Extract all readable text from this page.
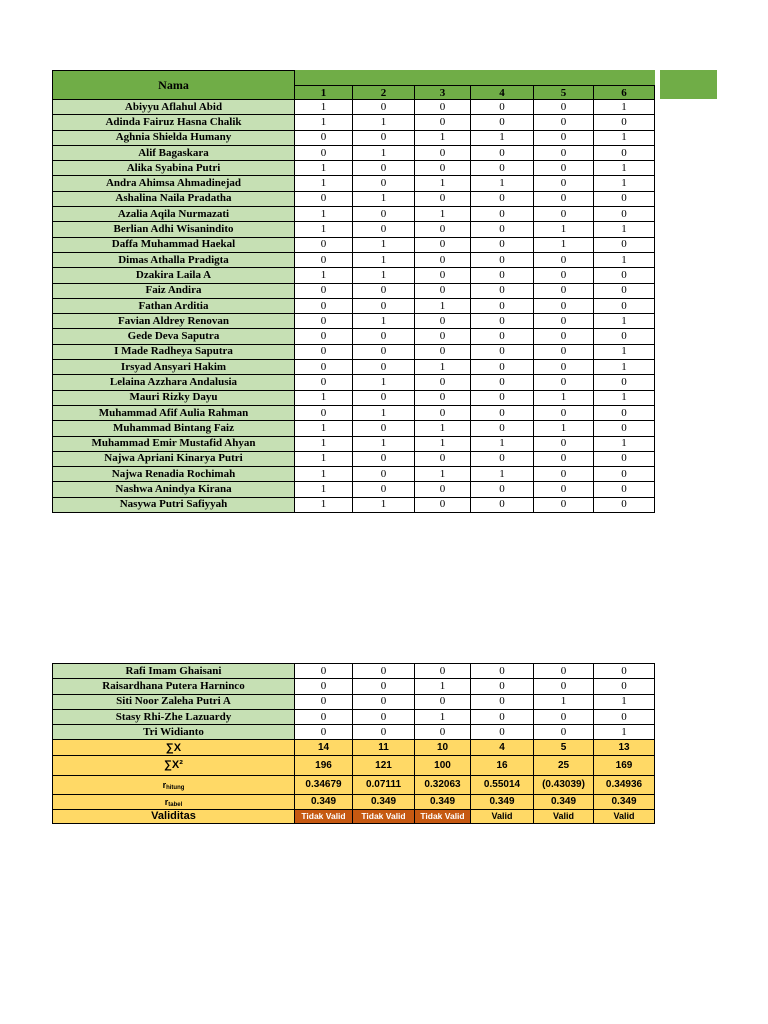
Nama						
	1	2	3	4	5	6
Abiyyu Aflahul Abid	1	0	0	0	0	1
Adinda Fairuz Hasna Chalik	1	1	0	0	0	0
Aghnia Shielda Humany	0	0	1	1	0	1
Alif Bagaskara	0	1	0	0	0	0
Alika Syabina Putri	1	0	0	0	0	1
Andra Ahimsa Ahmadinejad	1	0	1	1	0	1
Ashalina Naila Pradatha	0	1	0	0	0	0
Azalia Aqila Nurmazati	1	0	1	0	0	0
Berlian Adhi Wisanindito	1	0	0	0	1	1
Daffa Muhammad Haekal	0	1	0	0	1	0
Dimas Athalla Pradigta	0	1	0	0	0	1
Dzakira Laila A	1	1	0	0	0	0
Faiz Andira	0	0	0	0	0	0
Fathan Arditia	0	0	1	0	0	0
Favian Aldrey Renovan	0	1	0	0	0	1
Gede Deva Saputra	0	0	0	0	0	0
I Made Radheya Saputra	0	0	0	0	0	1
Irsyad Ansyari Hakim	0	0	1	0	0	1
Lelaina Azzhara Andalusia	0	1	0	0	0	0
Mauri Rizky Dayu	1	0	0	0	1	1
Muhammad Afif Aulia Rahman	0	1	0	0	0	0
Muhammad Bintang Faiz	1	0	1	0	1	0
Muhammad Emir Mustafid Ahyan	1	1	1	1	0	1
Najwa Apriani Kinarya Putri	1	0	0	0	0	0
Najwa Renadia Rochimah	1	0	1	1	0	0
Nashwa Anindya Kirana	1	0	0	0	0	0
Nasywa Putri Safiyyah	1	1	0	0	0	0
Rafi Imam Ghaisani	0	0	0	0	0	0
Raisardhana Putera Harninco	0	0	1	0	0	0
Siti Noor Zaleha Putri A	0	0	0	0	1	1
Stasy Rhi-Zhe Lazuardy	0	0	1	0	0	0
Tri Widianto	0	0	0	0	0	1
∑X	14	11	10	4	5	13
∑X²	196	121	100	16	25	169
rhitung	0.34679	0.07111	0.32063	0.55014	(0.43039)	0.34936
rtabel	0.349	0.349	0.349	0.349	0.349	0.349
Validitas	Tidak Valid	Tidak Valid	Tidak Valid	Valid	Valid	Valid
